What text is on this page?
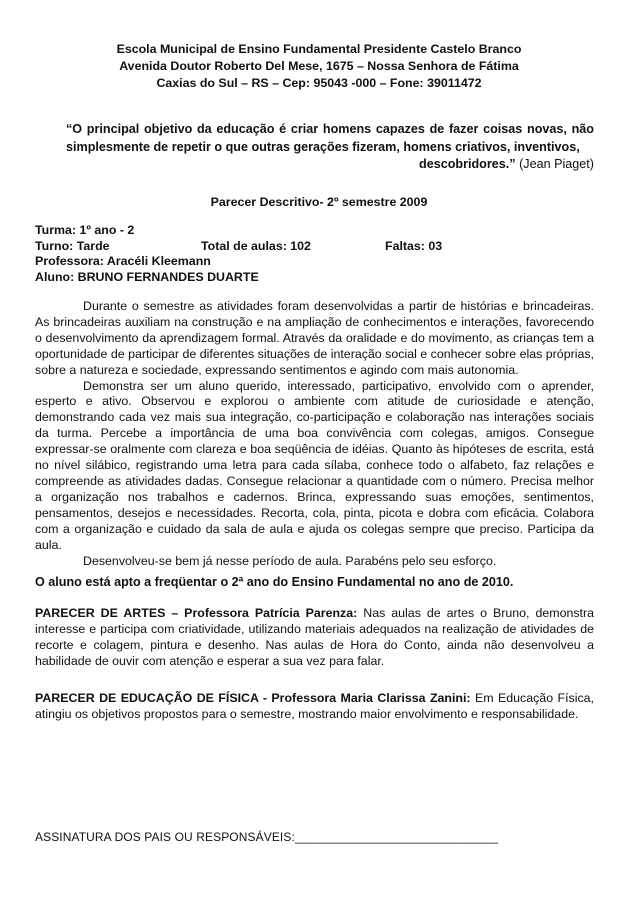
Escola Municipal de Ensino Fundamental Presidente Castelo Branco
Avenida Doutor Roberto Del Mese, 1675 – Nossa Senhora de Fátima
Caxias do Sul – RS – Cep: 95043 -000 – Fone: 39011472
“O principal objetivo da educação é criar homens capazes de fazer coisas novas, não simplesmente de repetir o que outras gerações fizeram, homens criativos, inventivos,
descobridores.” (Jean Piaget)
Parecer Descritivo- 2º semestre 2009
Turma: 1º ano - 2
Turno: Tarde	Total de aulas: 102	Faltas: 03
Professora: Aracéli Kleemann
Aluno: BRUNO FERNANDES DUARTE

Durante o semestre as atividades foram desenvolvidas a partir de histórias e brincadeiras. As brincadeiras auxiliam na construção e na ampliação de conhecimentos e interações, favorecendo o desenvolvimento da aprendizagem formal. Através da oralidade e do movimento, as crianças tem a oportunidade de participar de diferentes situações de interação social e conhecer sobre elas próprias, sobre a natureza e sociedade, expressando sentimentos e agindo com mais autonomia.

Demonstra ser um aluno querido, interessado, participativo, envolvido com o aprender, esperto e ativo. Observou e explorou o ambiente com atitude de curiosidade e atenção, demonstrando cada vez mais sua integração, co-participação e colaboração nas interações sociais da turma. Percebe a importância de uma boa convivência com colegas, amigos. Consegue expressar-se oralmente com clareza e boa seqüência de idéias. Quanto às hipóteses de escrita, está no nível silábico, registrando uma letra para cada sílaba, conhece todo o alfabeto, faz relações e compreende as atividades dadas. Consegue relacionar a quantidade com o número. Precisa melhor a organização nos trabalhos e cadernos. Brinca, expressando suas emoções, sentimentos, pensamentos, desejos e necessidades. Recorta, cola, pinta, picota e dobra com eficácia. Colabora com a organização e cuidado da sala de aula e ajuda os colegas sempre que preciso. Participa da aula.

Desenvolveu-se bem já nesse período de aula. Parabéns pelo seu esforço.

O aluno está apto a freqüentar o 2ª ano do Ensino Fundamental no ano de 2010.
PARECER DE ARTES – Professora Patrícia Parenza: Nas aulas de artes o Bruno, demonstra interesse e participa com criatividade, utilizando materiais adequados na realização de atividades de recorte e colagem, pintura e desenho. Nas aulas de Hora do Conto, ainda não desenvolveu a habilidade de ouvir com atenção e esperar a sua vez para falar.
PARECER DE EDUCAÇÃO DE FÍSICA - Professora Maria Clarissa Zanini: Em Educação Física, atingiu os objetivos propostos para o semestre, mostrando maior envolvimento e responsabilidade.
ASSINATURA DOS PAIS OU RESPONSÁVEIS:______________________________
